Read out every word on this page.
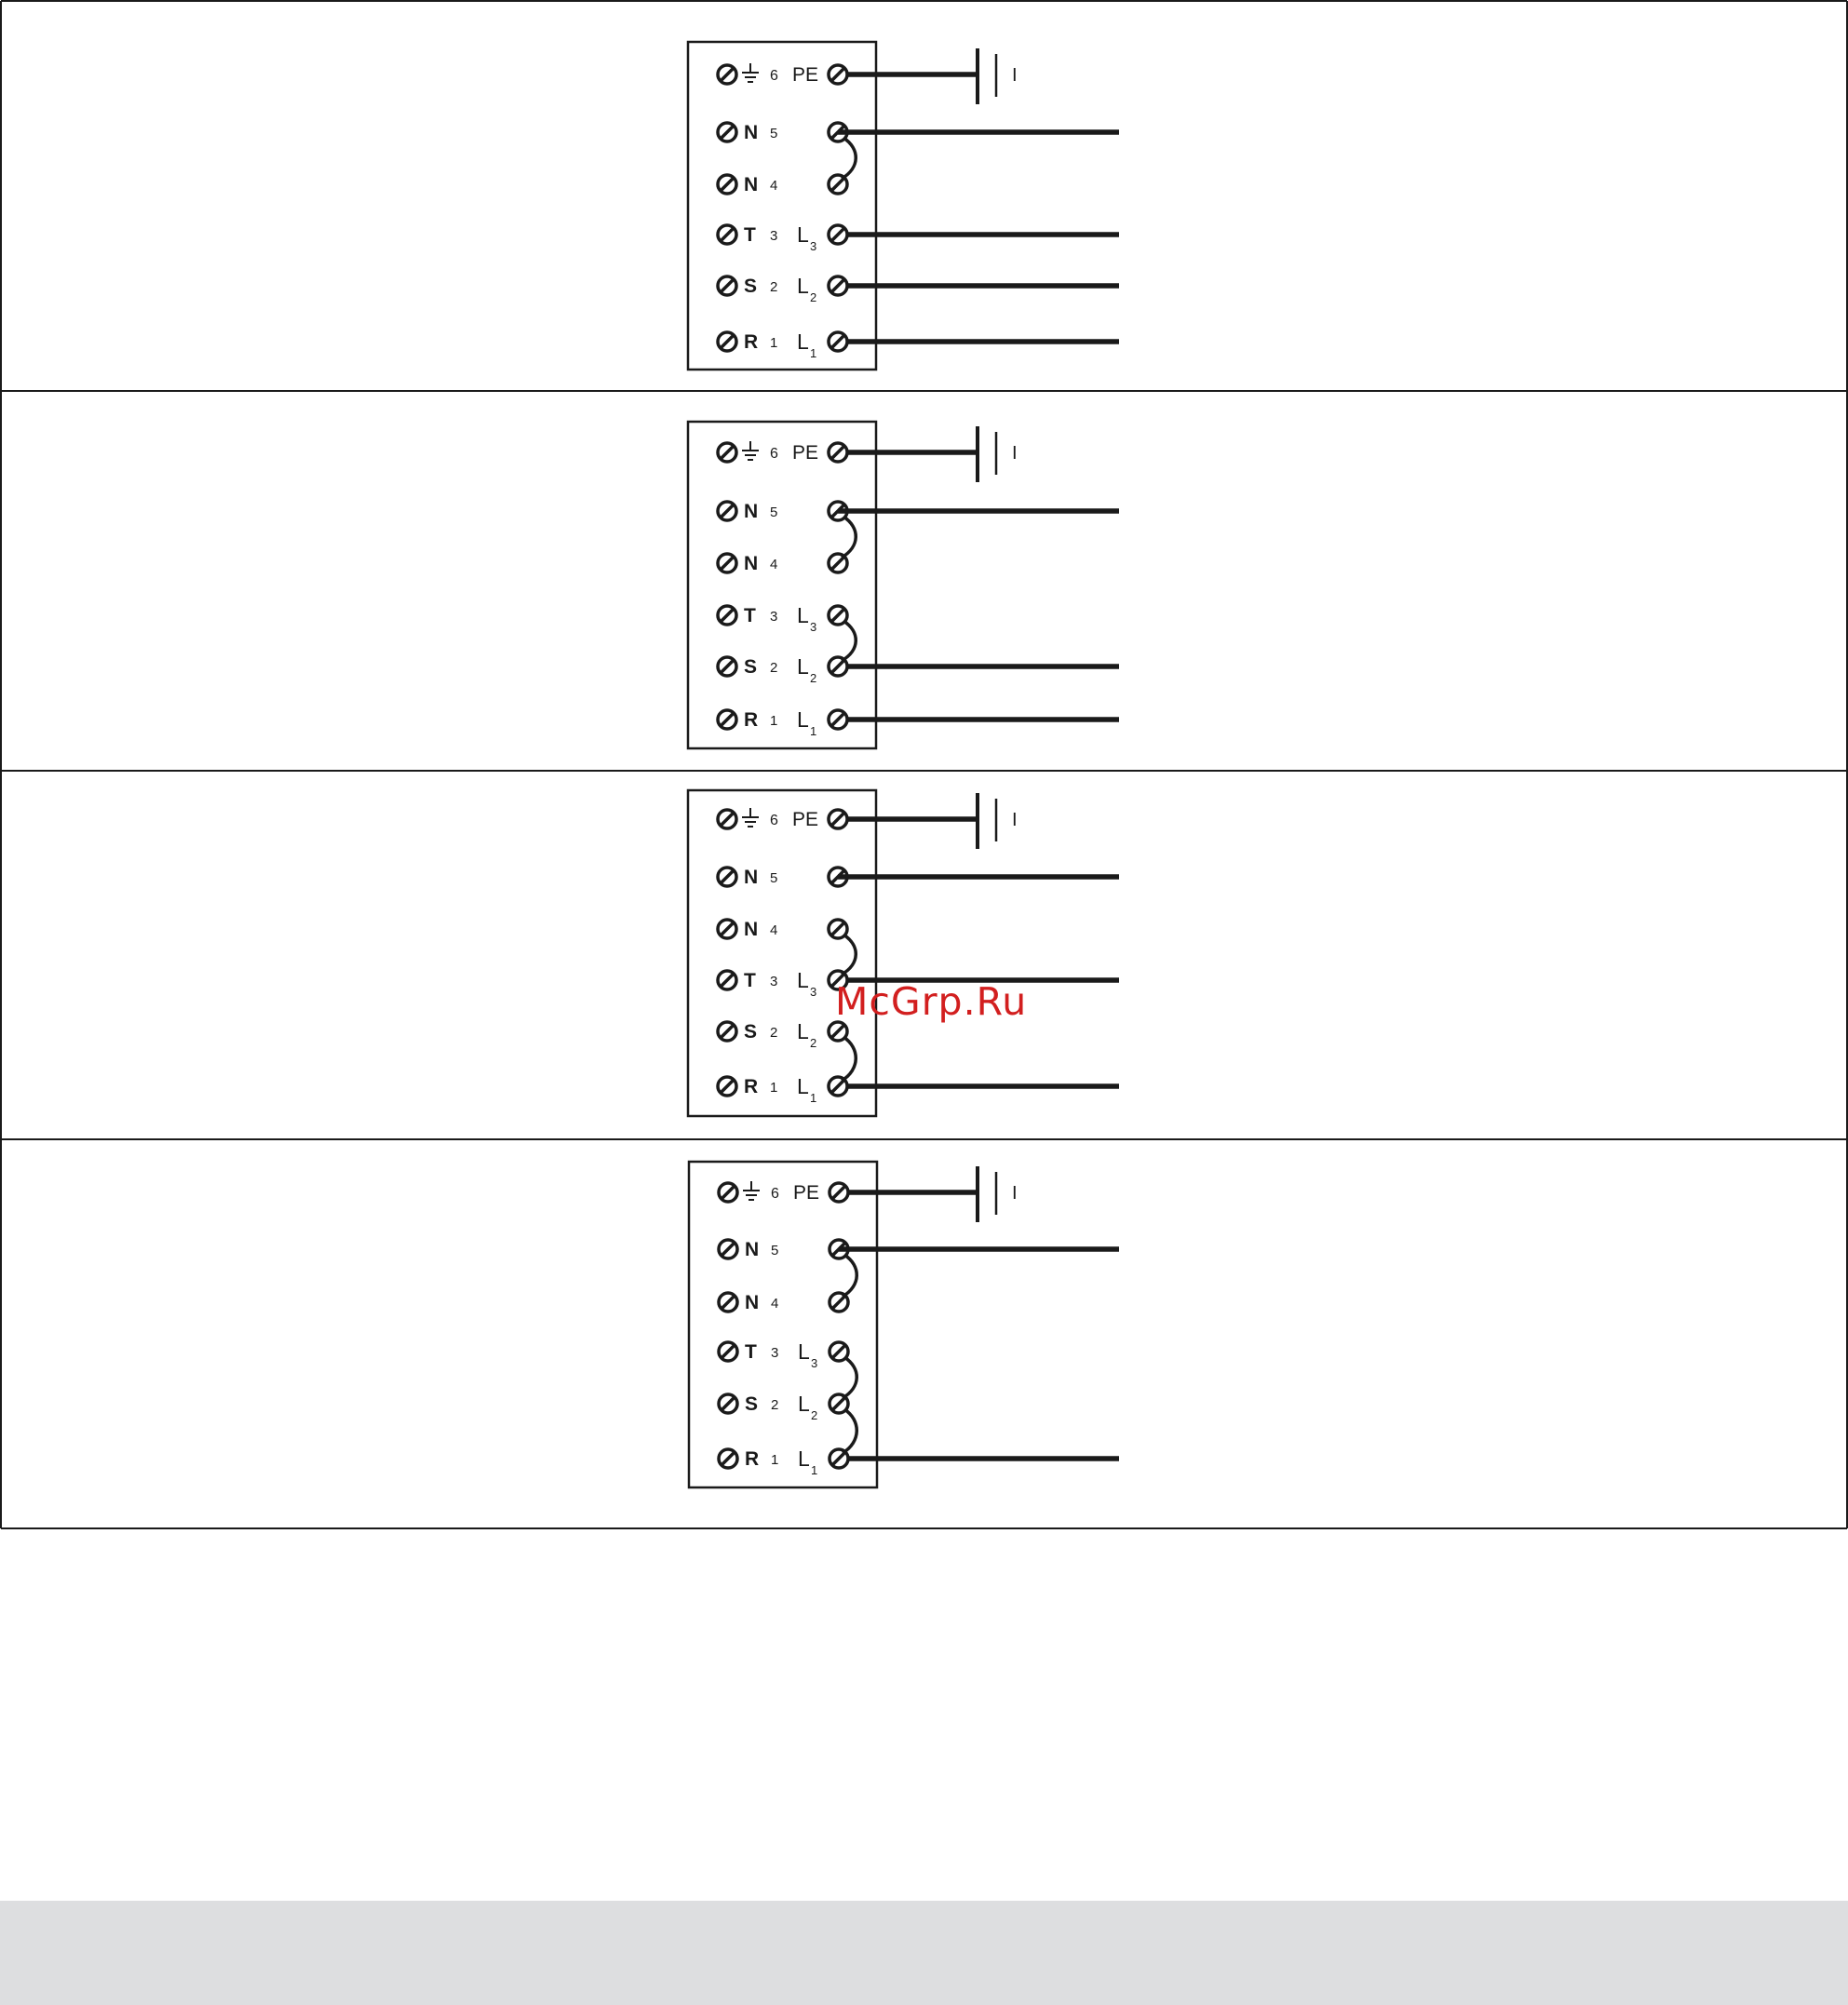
6 PE
N 5
N 4
T 3 L 3
S 2 L 2
R 1 L 1
I
6 PE
N 5
N 4
T 3 L 3
S 2 L 2
R 1 L 1
I
6 PE
N 5
N 4
T 3 L 3
S 2 L 2
R 1 L 1
I
6 PE
N 5
N 4
T 3 L 3
S 2 L 2
R 1 L 1
I
McGrp.Ru
